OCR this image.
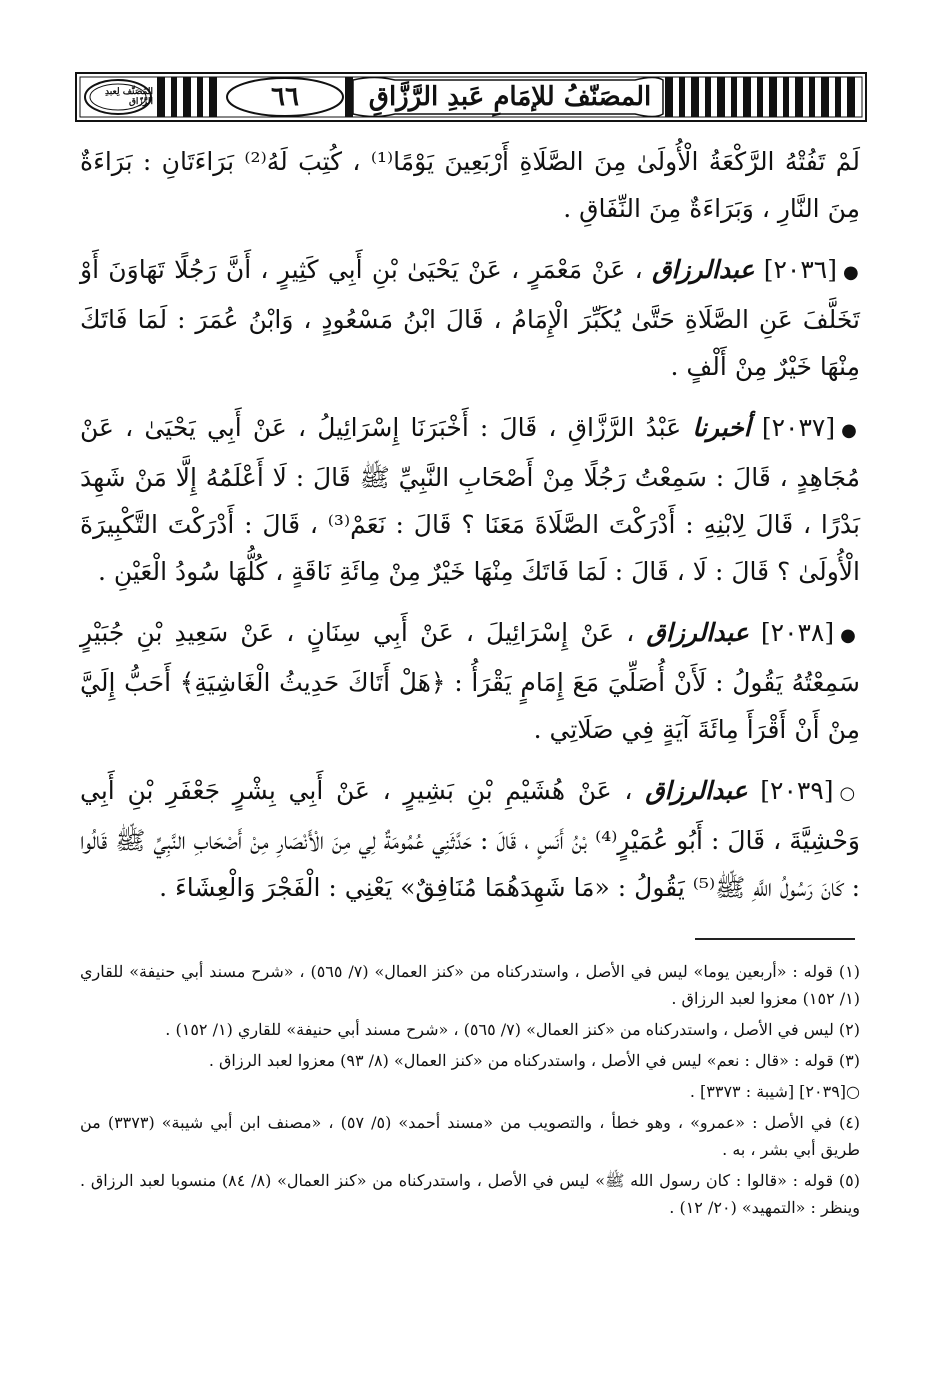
المُصَنَّف لِعبدِ الرَّزّاق	٦٦	المصَنّفُ للإمَامِ عَبدِ الرَّزَّاقِ

لَمْ تَفُتْهُ الرَّكْعَةُ الْأُولَىٰ مِنَ الصَّلَاةِ أَرْبَعِينَ يَوْمًا⁽¹⁾ ، كُتِبَ لَهُ⁽²⁾ بَرَاءَتَانِ : بَرَاءَةٌ مِنَ النَّارِ ، وَبَرَاءَةٌ مِنَ النِّفَاقِ .

●[٢٠٣٦] عبدالرزاق ، عَنْ مَعْمَرٍ ، عَنْ يَحْيَىٰ بْنِ أَبِي كَثِيرٍ ، أَنَّ رَجُلًا تَهَاوَنَ أَوْ تَخَلَّفَ عَنِ الصَّلَاةِ حَتَّىٰ يُكَبِّرَ الْإِمَامُ ، قَالَ ابْنُ مَسْعُودٍ ، وَابْنُ عُمَرَ : لَمَا فَاتَكَ مِنْهَا خَيْرٌ مِنْ أَلْفٍ .

●[٢٠٣٧] أخبرنا عَبْدُ الرَّزَّاقِ ، قَالَ : أَخْبَرَنَا إِسْرَائِيلُ ، عَنْ أَبِي يَحْيَىٰ ، عَنْ مُجَاهِدٍ ، قَالَ : سَمِعْتُ رَجُلًا مِنْ أَصْحَابِ النَّبِيِّ ﷺ قَالَ : لَا أَعْلَمُهُ إِلَّا مَنْ شَهِدَ بَدْرًا ، قَالَ لِابْنِهِ : أَدْرَكْتَ الصَّلَاةَ مَعَنَا ؟ قَالَ : نَعَمْ⁽³⁾ ، قَالَ : أَدْرَكْتَ التَّكْبِيرَةَ الْأُولَىٰ ؟ قَالَ : لَا ، قَالَ : لَمَا فَاتَكَ مِنْهَا خَيْرٌ مِنْ مِائَةِ نَاقَةٍ ، كُلُّهَا سُودُ الْعَيْنِ .

●[٢٠٣٨] عبدالرزاق ، عَنْ إِسْرَائِيلَ ، عَنْ أَبِي سِنَانٍ ، عَنْ سَعِيدِ بْنِ جُبَيْرٍ سَمِعْتُهُ يَقُولُ : لَأَنْ أُصَلِّيَ مَعَ إِمَامٍ يَقْرَأُ : ﴿هَلْ أَتَاكَ حَدِيثُ الْغَاشِيَةِ﴾ أَحَبُّ إِلَيَّ مِنْ أَنْ أَقْرَأَ مِائَةَ آيَةٍ فِي صَلَاتِي .

○[٢٠٣٩] عبدالرزاق ، عَنْ هُشَيْمِ بْنِ بَشِيرٍ ، عَنْ أَبِي بِشْرٍ جَعْفَرِ بْنِ أَبِي وَحْشِيَّةَ ، قَالَ : أَبُو عُمَيْرٍ⁽⁴⁾ بْنُ أَنَسٍ ، قَالَ : حَدَّثَنِي عُمُومَةٌ لِي مِنَ الْأَنْصَارِ مِنْ أَصْحَابِ النَّبِيِّ ﷺ قَالُوا : كَانَ رَسُولُ اللَّهِ ﷺ⁽⁵⁾ يَقُولُ : «مَا شَهِدَهُمَا مُنَافِقٌ» يَعْنِي : الْفَجْرَ وَالْعِشَاءَ .

(١) قوله : «أربعين يوما» ليس في الأصل ، واستدركناه من «كنز العمال» (٧/ ٥٦٥) ، «شرح مسند أبي حنيفة» للقاري (١/ ١٥٢) معزوا لعبد الرزاق .

(٢) ليس في الأصل ، واستدركناه من «كنز العمال» (٧/ ٥٦٥) ، «شرح مسند أبي حنيفة» للقاري (١/ ١٥٢) .

(٣) قوله : «قال : نعم» ليس في الأصل ، واستدركناه من «كنز العمال» (٨/ ٩٣) معزوا لعبد الرزاق .

○[٢٠٣٩] [شيبة : ٣٣٧٣] .

(٤) في الأصل : «عمرو» ، وهو خطأ ، والتصويب من «مسند أحمد» (٥/ ٥٧) ، «مصنف ابن أبي شيبة» (٣٣٧٣) من طريق أبي بشر ، به .

(٥) قوله : «قالوا : كان رسول الله ﷺ» ليس في الأصل ، واستدركناه من «كنز العمال» (٨/ ٨٤) منسوبا لعبد الرزاق . وينظر : «التمهيد» (٢٠/ ١٢) .
